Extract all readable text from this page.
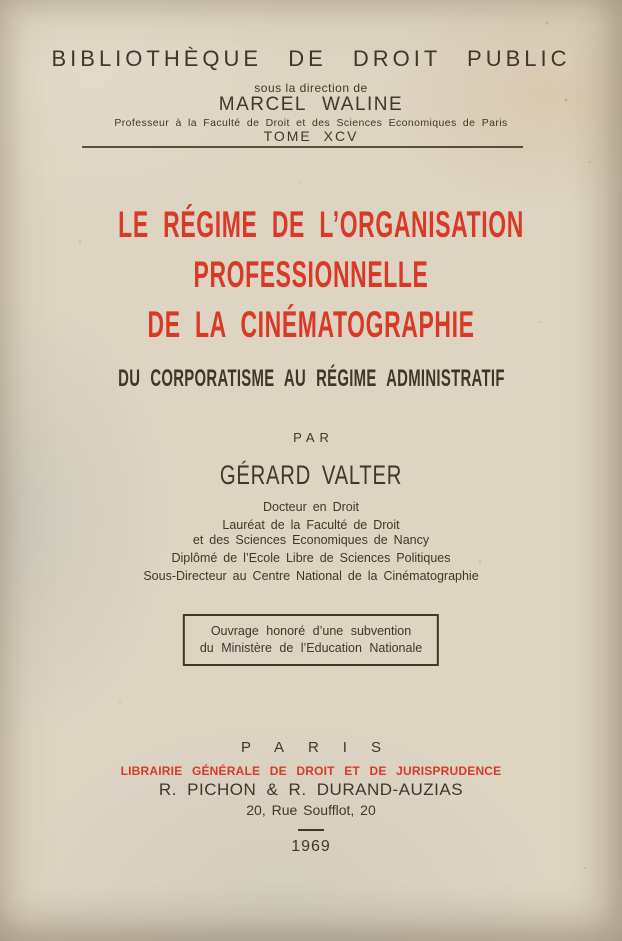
BIBLIOTHÈQUE DE DROIT PUBLIC
sous la direction de
MARCEL WALINE
Professeur à la Faculté de Droit et des Sciences Economiques de Paris
TOME XCV
LE RÉGIME DE L’ORGANISATION
PROFESSIONNELLE
DE LA CINÉMATOGRAPHIE
DU CORPORATISME AU RÉGIME ADMINISTRATIF
PAR
GÉRARD VALTER

Docteur en Droit

Lauréat de la Faculté de Droit

et des Sciences Economiques de Nancy

Diplômé de l’Ecole Libre de Sciences Politiques

Sous-Directeur au Centre National de la Cinématographie

Ouvrage honoré d’une subvention
du Ministère de l’Education Nationale
PARIS
LIBRAIRIE GÉNÉRALE DE DROIT ET DE JURISPRUDENCE
R. PICHON & R. DURAND-AUZIAS
20, Rue Soufflot, 20
1969
